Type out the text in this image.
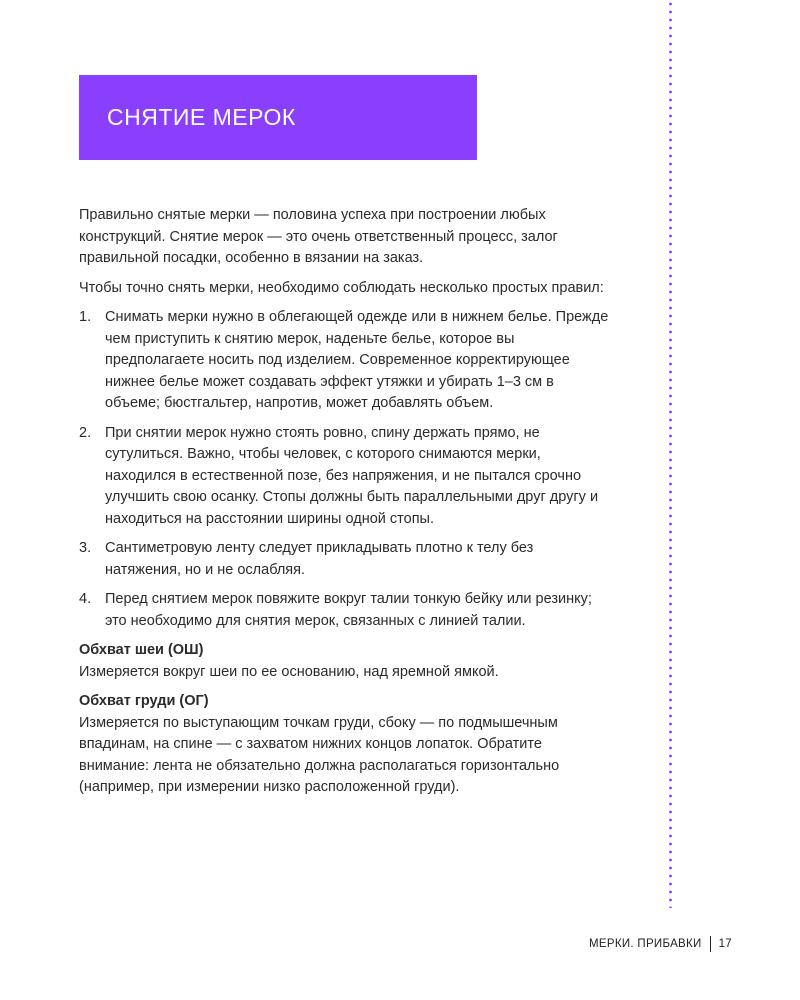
СНЯТИЕ МЕРОК

Правильно снятые мерки — половина успеха при построении любых конструкций. Снятие мерок — это очень ответственный процесс, залог правильной посадки, особенно в вязании на заказ.

Чтобы точно снять мерки, необходимо соблюдать несколько простых правил:

1. Снимать мерки нужно в облегающей одежде или в нижнем белье. Прежде чем приступить к снятию мерок, наденьте белье, которое вы предполагаете носить под изделием. Современное корректирующее нижнее белье может создавать эффект утяжки и убирать 1–3 см в объеме; бюстгальтер, напротив, может добавлять объем.
2. При снятии мерок нужно стоять ровно, спину держать прямо, не сутулиться. Важно, чтобы человек, с которого снимаются мерки, находился в естественной позе, без напряжения, и не пытался срочно улучшить свою осанку. Стопы должны быть параллельными друг другу и находиться на расстоянии ширины одной стопы.
3. Сантиметровую ленту следует прикладывать плотно к телу без натяжения, но и не ослабляя.
4. Перед снятием мерок повяжите вокруг талии тонкую бейку или резинку; это необходимо для снятия мерок, связанных с линией талии.
Обхват шеи (ОШ)

Измеряется вокруг шеи по ее основанию, над яремной ямкой.

Обхват груди (ОГ)

Измеряется по выступающим точкам груди, сбоку — по подмышечным впадинам, на спине — с захватом нижних концов лопаток. Обратите внимание: лента не обязательно должна располагаться горизонтально (например, при измерении низко расположенной груди).

МЕРКИ. ПРИБАВКИ 17
